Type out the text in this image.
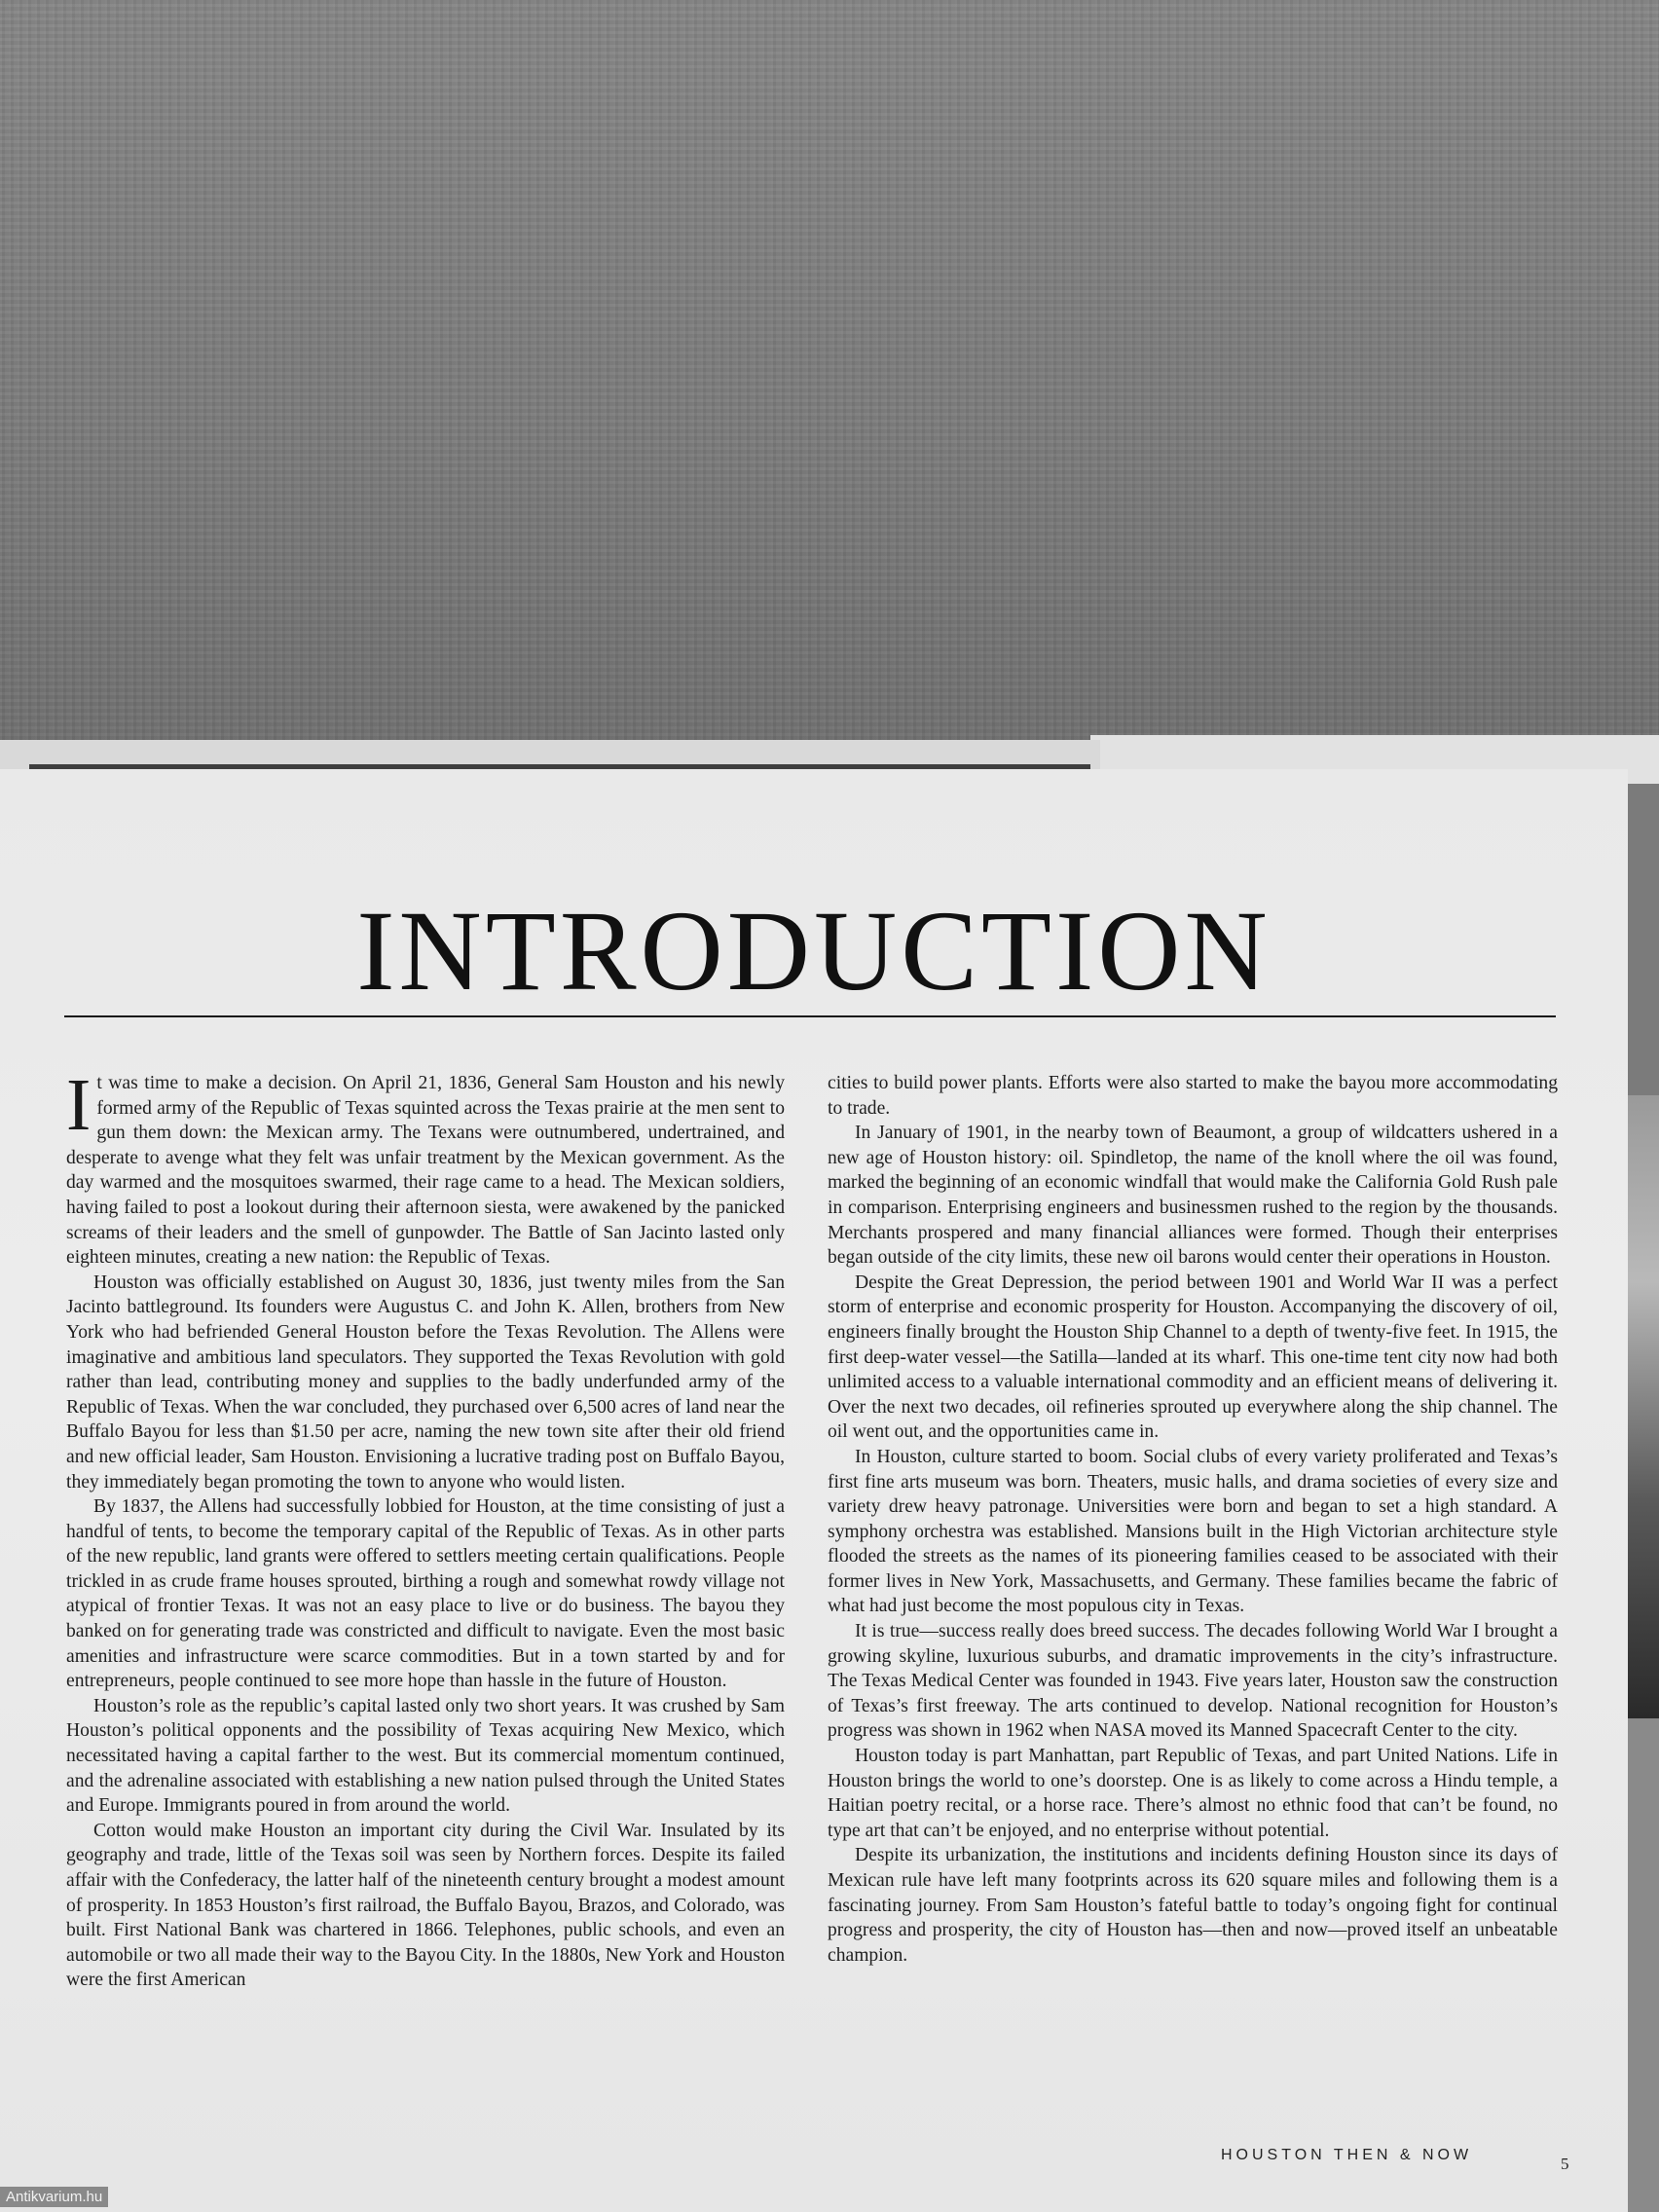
INTRODUCTION

It was time to make a decision. On April 21, 1836, General Sam Houston and his newly formed army of the Republic of Texas squinted across the Texas prairie at the men sent to gun them down: the Mexican army. The Texans were outnumbered, undertrained, and desperate to avenge what they felt was unfair treatment by the Mexican government. As the day warmed and the mosquitoes swarmed, their rage came to a head. The Mexican soldiers, having failed to post a lookout during their afternoon siesta, were awakened by the panicked screams of their leaders and the smell of gunpowder. The Battle of San Jacinto lasted only eighteen minutes, creating a new nation: the Republic of Texas.

Houston was officially established on August 30, 1836, just twenty miles from the San Jacinto battleground. Its founders were Augustus C. and John K. Allen, brothers from New York who had befriended General Houston before the Texas Revolution. The Allens were imaginative and ambitious land speculators. They supported the Texas Revolution with gold rather than lead, contributing money and supplies to the badly underfunded army of the Republic of Texas. When the war concluded, they purchased over 6,500 acres of land near the Buffalo Bayou for less than $1.50 per acre, naming the new town site after their old friend and new official leader, Sam Houston. Envisioning a lucrative trading post on Buffalo Bayou, they immediately began promoting the town to anyone who would listen.

By 1837, the Allens had successfully lobbied for Houston, at the time consisting of just a handful of tents, to become the temporary capital of the Republic of Texas. As in other parts of the new republic, land grants were offered to settlers meeting certain qualifications. People trickled in as crude frame houses sprouted, birthing a rough and somewhat rowdy village not atypical of frontier Texas. It was not an easy place to live or do business. The bayou they banked on for generating trade was constricted and difficult to navigate. Even the most basic amenities and infrastructure were scarce commodities. But in a town started by and for entrepreneurs, people continued to see more hope than hassle in the future of Houston.

Houston’s role as the republic’s capital lasted only two short years. It was crushed by Sam Houston’s political opponents and the possibility of Texas acquiring New Mexico, which necessitated having a capital farther to the west. But its commercial momentum continued, and the adrenaline associated with establishing a new nation pulsed through the United States and Europe. Immigrants poured in from around the world.

Cotton would make Houston an important city during the Civil War. Insulated by its geography and trade, little of the Texas soil was seen by Northern forces. Despite its failed affair with the Confederacy, the latter half of the nineteenth century brought a modest amount of prosperity. In 1853 Houston’s first railroad, the Buffalo Bayou, Brazos, and Colorado, was built. First National Bank was chartered in 1866. Telephones, public schools, and even an automobile or two all made their way to the Bayou City. In the 1880s, New York and Houston were the first American

cities to build power plants. Efforts were also started to make the bayou more accommodating to trade.

In January of 1901, in the nearby town of Beaumont, a group of wildcatters ushered in a new age of Houston history: oil. Spindletop, the name of the knoll where the oil was found, marked the beginning of an economic windfall that would make the California Gold Rush pale in comparison. Enterprising engineers and businessmen rushed to the region by the thousands. Merchants prospered and many financial alliances were formed. Though their enterprises began outside of the city limits, these new oil barons would center their operations in Houston.

Despite the Great Depression, the period between 1901 and World War II was a perfect storm of enterprise and economic prosperity for Houston. Accompanying the discovery of oil, engineers finally brought the Houston Ship Channel to a depth of twenty-five feet. In 1915, the first deep-water vessel—the Satilla—landed at its wharf. This one-time tent city now had both unlimited access to a valuable international commodity and an efficient means of delivering it. Over the next two decades, oil refineries sprouted up everywhere along the ship channel. The oil went out, and the opportunities came in.

In Houston, culture started to boom. Social clubs of every variety proliferated and Texas’s first fine arts museum was born. Theaters, music halls, and drama societies of every size and variety drew heavy patronage. Universities were born and began to set a high standard. A symphony orchestra was established. Mansions built in the High Victorian architecture style flooded the streets as the names of its pioneering families ceased to be associated with their former lives in New York, Massachusetts, and Germany. These families became the fabric of what had just become the most populous city in Texas.

It is true—success really does breed success. The decades following World War I brought a growing skyline, luxurious suburbs, and dramatic improvements in the city’s infrastructure. The Texas Medical Center was founded in 1943. Five years later, Houston saw the construction of Texas’s first freeway. The arts continued to develop. National recognition for Houston’s progress was shown in 1962 when NASA moved its Manned Spacecraft Center to the city.

Houston today is part Manhattan, part Republic of Texas, and part United Nations. Life in Houston brings the world to one’s doorstep. One is as likely to come across a Hindu temple, a Haitian poetry recital, or a horse race. There’s almost no ethnic food that can’t be found, no type art that can’t be enjoyed, and no enterprise without potential.

Despite its urbanization, the institutions and incidents defining Houston since its days of Mexican rule have left many footprints across its 620 square miles and following them is a fascinating journey. From Sam Houston’s fateful battle to today’s ongoing fight for continual progress and prosperity, the city of Houston has—then and now—proved itself an unbeatable champion.

HOUSTON THEN & NOW	5
Antikvarium.hu
